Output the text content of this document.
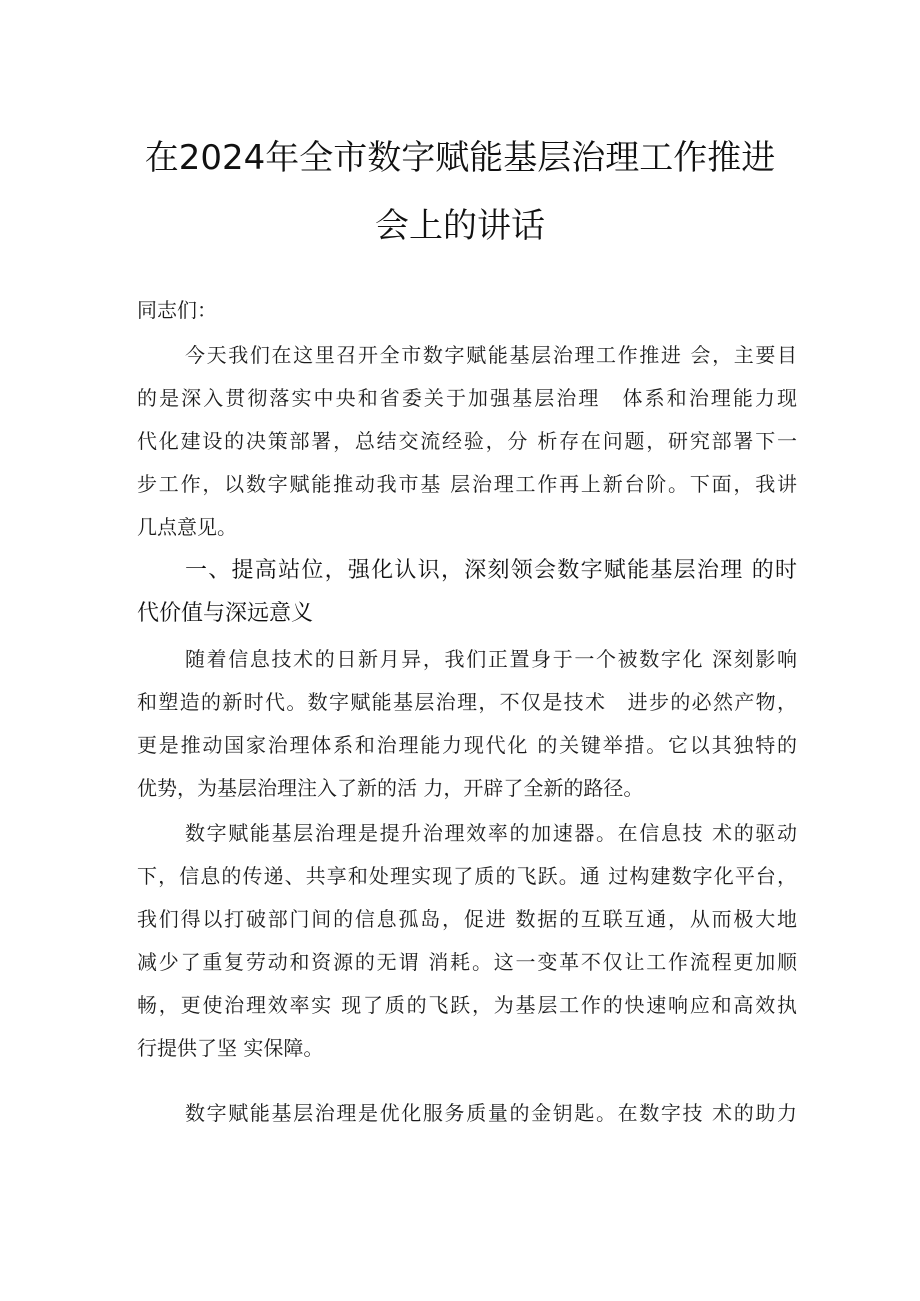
在2024年全市数字赋能基层治理工作推进
会上的讲话
同志们：
今天我们在这里召开全市数字赋能基层治理工作推进 会，主要目
的是深入贯彻落实中央和省委关于加强基层治理　体系和治理能力现
代化建设的决策部署，总结交流经验，分 析存在问题，研究部署下一
步工作，以数字赋能推动我市基 层治理工作再上新台阶。下面，我讲
几点意见。
一、提高站位，强化认识，深刻领会数字赋能基层治理 的时
代价值与深远意义
随着信息技术的日新月异，我们正置身于一个被数字化 深刻影响
和塑造的新时代。数字赋能基层治理，不仅是技术　进步的必然产物，
更是推动国家治理体系和治理能力现代化 的关键举措。它以其独特的
优势，为基层治理注入了新的活 力，开辟了全新的路径。
数字赋能基层治理是提升治理效率的加速器。在信息技 术的驱动
下，信息的传递、共享和处理实现了质的飞跃。通 过构建数字化平台，
我们得以打破部门间的信息孤岛，促进 数据的互联互通，从而极大地
减少了重复劳动和资源的无谓 消耗。这一变革不仅让工作流程更加顺
畅，更使治理效率实 现了质的飞跃，为基层工作的快速响应和高效执
行提供了坚 实保障。
数字赋能基层治理是优化服务质量的金钥匙。在数字技 术的助力
